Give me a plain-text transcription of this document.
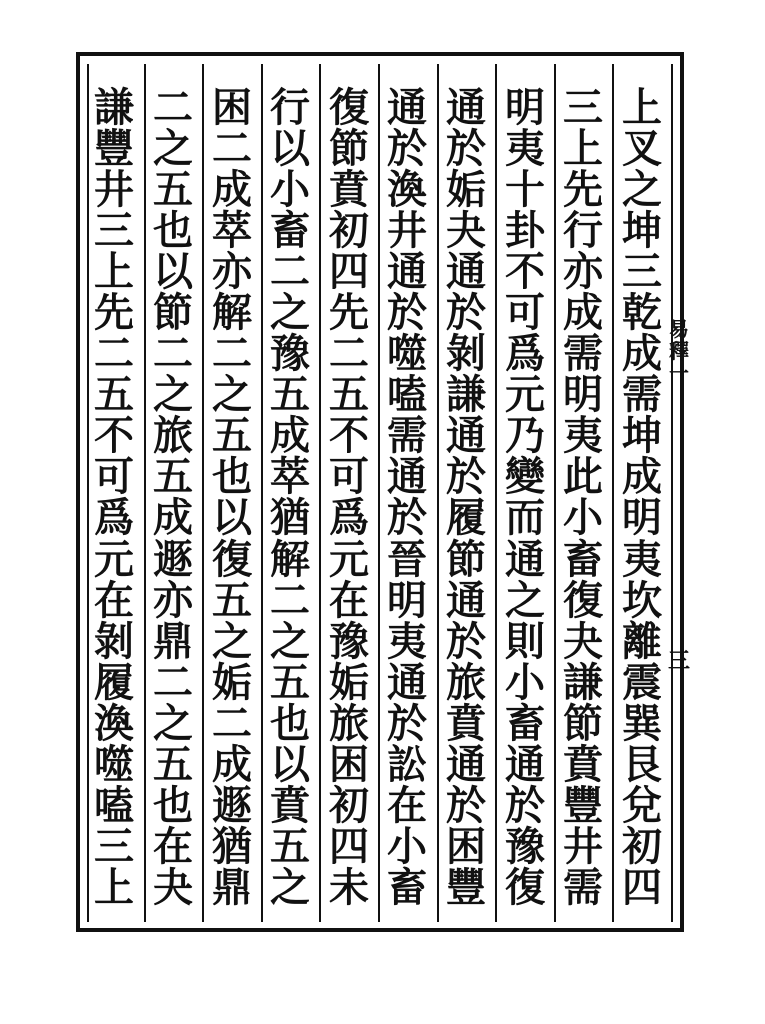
上
叉
之
坤
三
乾
成
需
坤
成
明
夷
坎
離
震
巽
艮
兌
初
四
三
上
先
行
亦
成
需
明
夷
此
小
畜
復
夬
謙
節
賁
豐
井
需
明
夷
十
卦
不
可
爲
元
乃
變
而
通
之
則
小
畜
通
於
豫
復
通
於
姤
夬
通
於
剝
謙
通
於
履
節
通
於
旅
賁
通
於
困
豐
通
於
渙
井
通
於
噬
嗑
需
通
於
晉
明
夷
通
於
訟
在
小
畜
復
節
賁
初
四
先
二
五
不
可
爲
元
在
豫
姤
旅
困
初
四
未
行
以
小
畜
二
之
豫
五
成
萃
猶
解
二
之
五
也
以
賁
五
之
困
二
成
萃
亦
解
二
之
五
也
以
復
五
之
姤
二
成
遯
猶
鼎
二
之
五
也
以
節
二
之
旅
五
成
遯
亦
鼎
二
之
五
也
在
夬
謙
豐
井
三
上
先
二
五
不
可
爲
元
在
剝
履
渙
噬
嗑
三
上
易
釋
一
三
